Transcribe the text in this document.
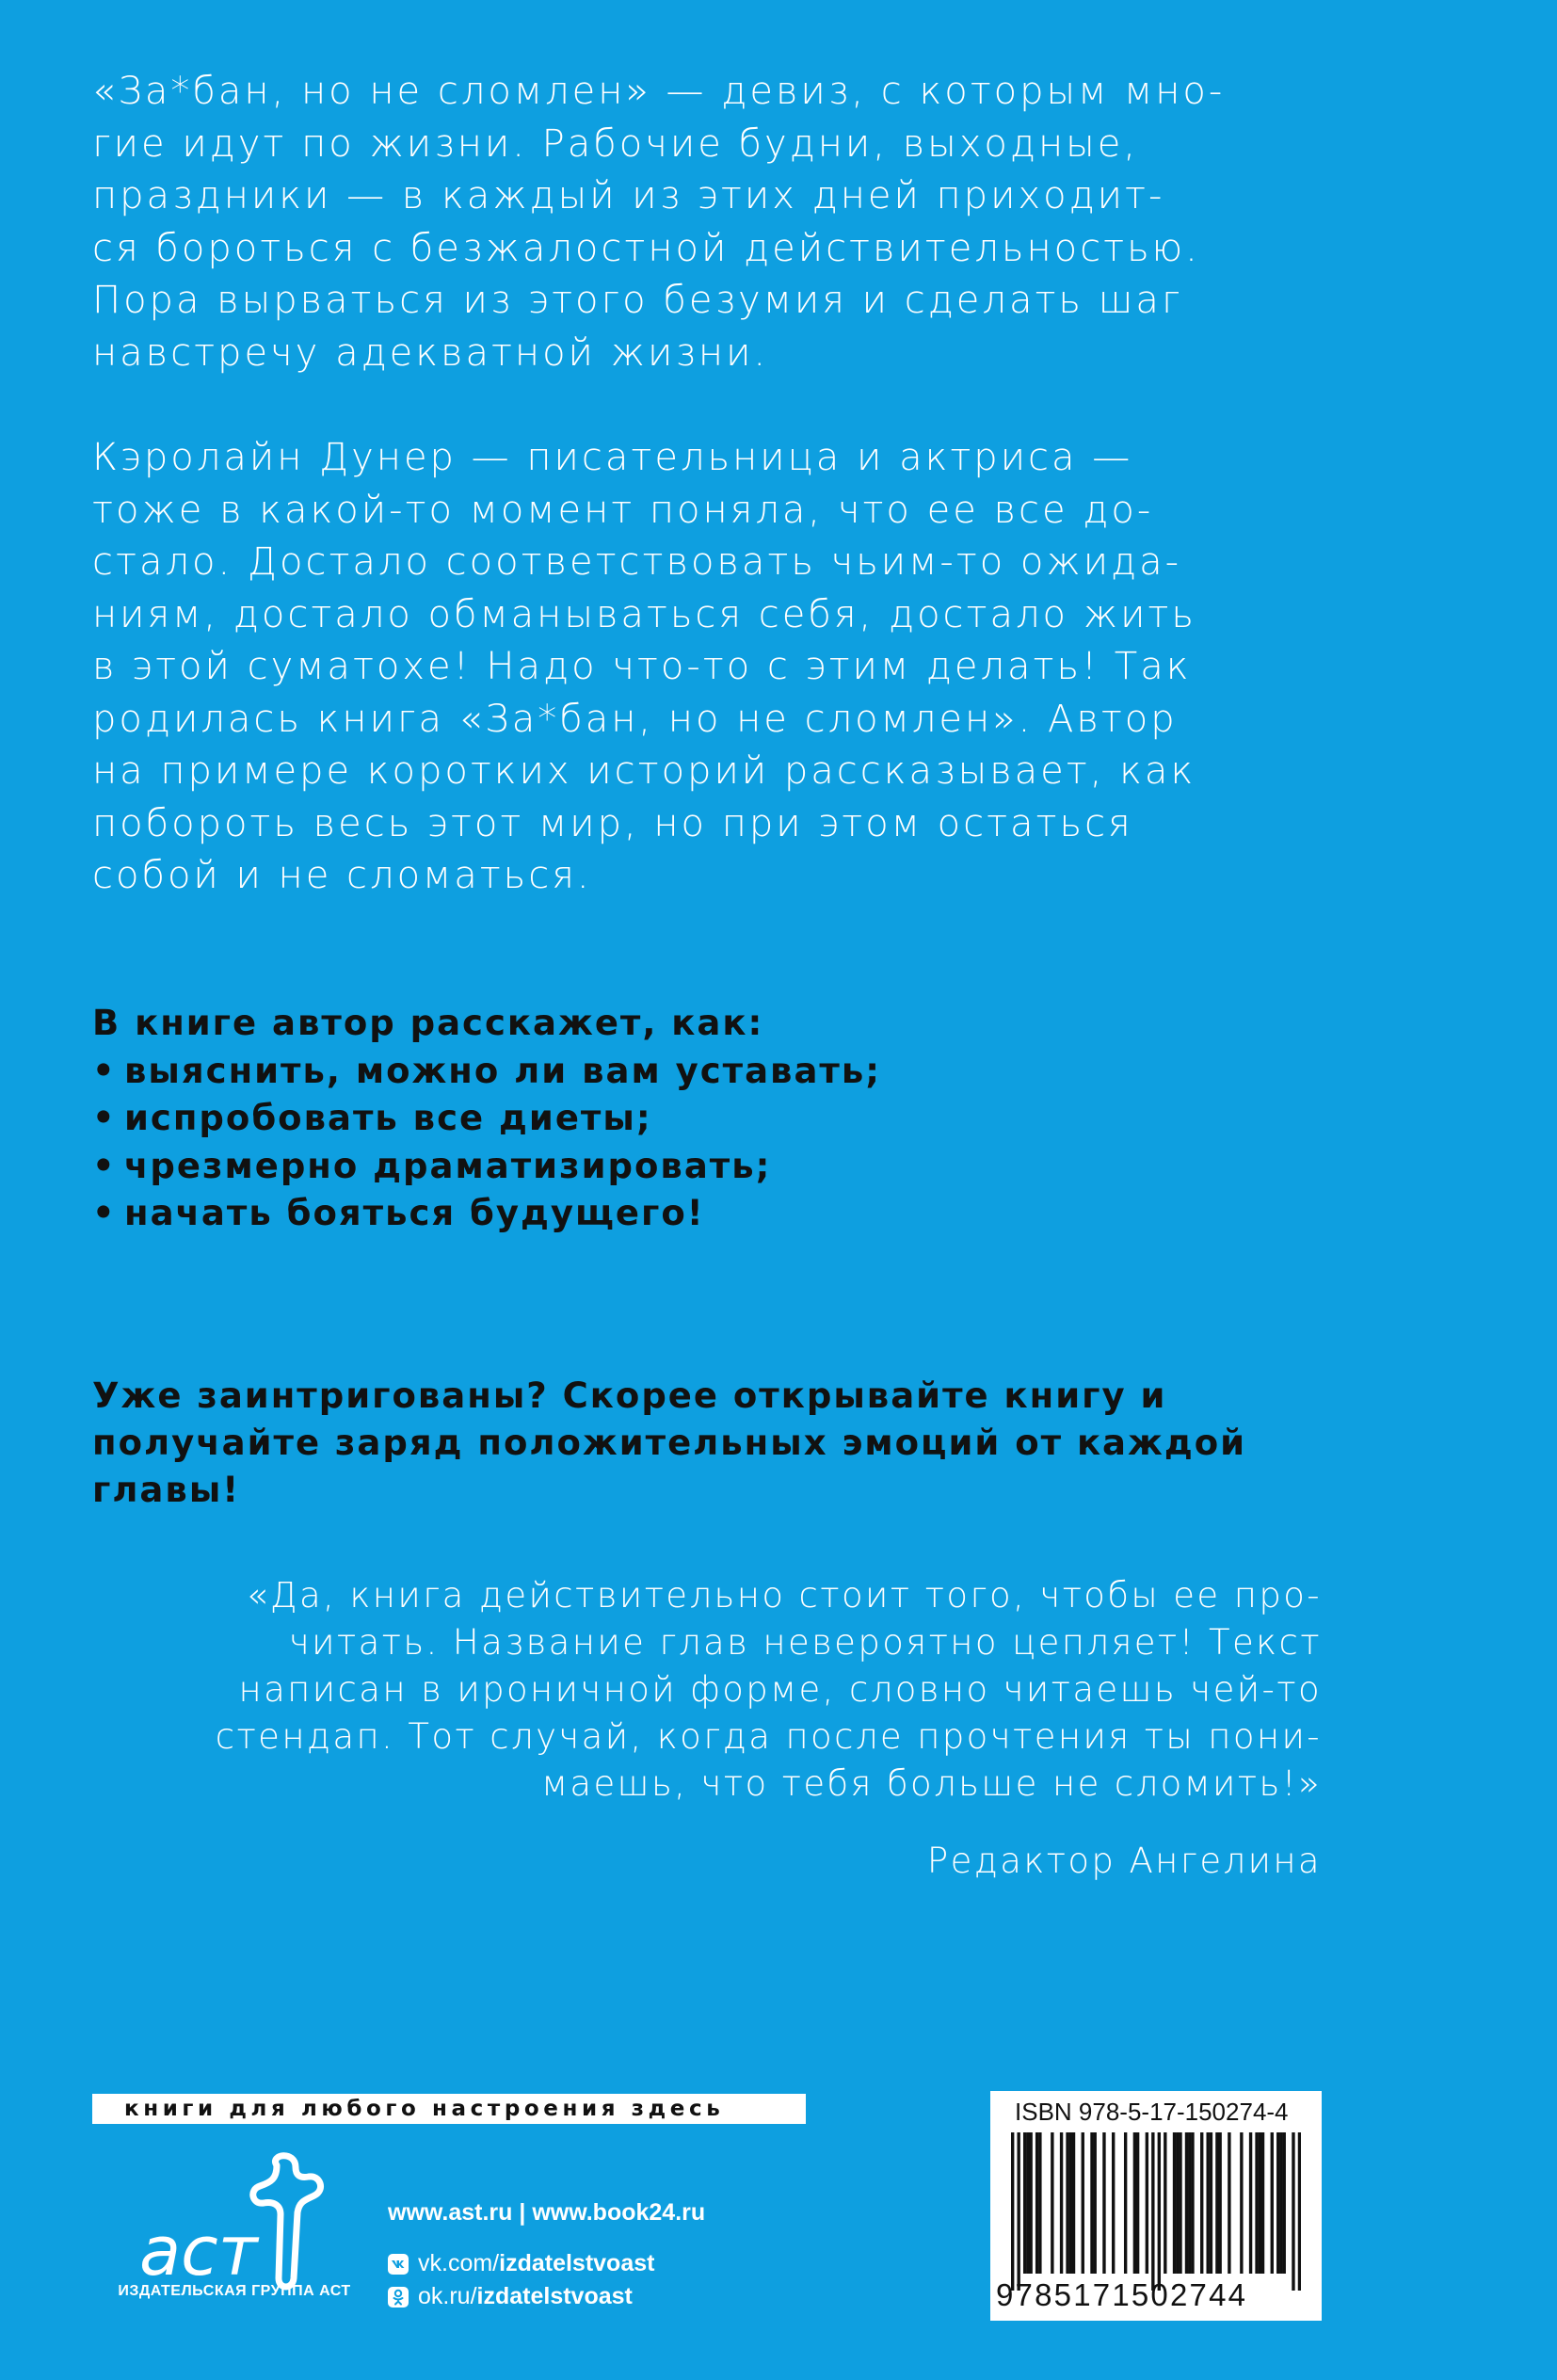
«За*бан, но не сломлен» — девиз, с которым мно-
гие идут по жизни. Рабочие будни, выходные,
праздники — в каждый из этих дней приходит-
ся бороться с безжалостной действительностью.
Пора вырваться из этого безумия и сделать шаг
навстречу адекватной жизни.
Кэролайн Дунер — писательница и актриса —
тоже в какой-то момент поняла, что ее все до-
стало. Достало соответствовать чьим-то ожида-
ниям, достало обманываться себя, достало жить
в этой суматохе! Надо что-то с этим делать! Так
родилась книга «За*бан, но не сломлен». Автор
на примере коротких историй рассказывает, как
побороть весь этот мир, но при этом остаться
собой и не сломаться.
В книге автор расскажет, как:
• выяснить, можно ли вам уставать;
• испробовать все диеты;
• чрезмерно драматизировать;
• начать бояться будущего!
Уже заинтригованы? Скорее открывайте книгу и
получайте заряд положительных эмоций от каждой
главы!
«Да, книга действительно стоит того, чтобы ее про-
читать. Название глав невероятно цепляет! Текст
написан в ироничной форме, словно читаешь чей-то
стендап. Тот случай, когда после прочтения ты пони-
маешь, что тебя больше не сломить!»
Редактор Ангелина
книги для любого настроения здесь
аст
ИЗДАТЕЛЬСКАЯ ГРУППА АСТ
www.ast.ru | www.book24.ru
vk.com/ izdatelstvoast
ok.ru/ izdatelstvoast
ISBN 978-5-17-150274-4
9785171502744
